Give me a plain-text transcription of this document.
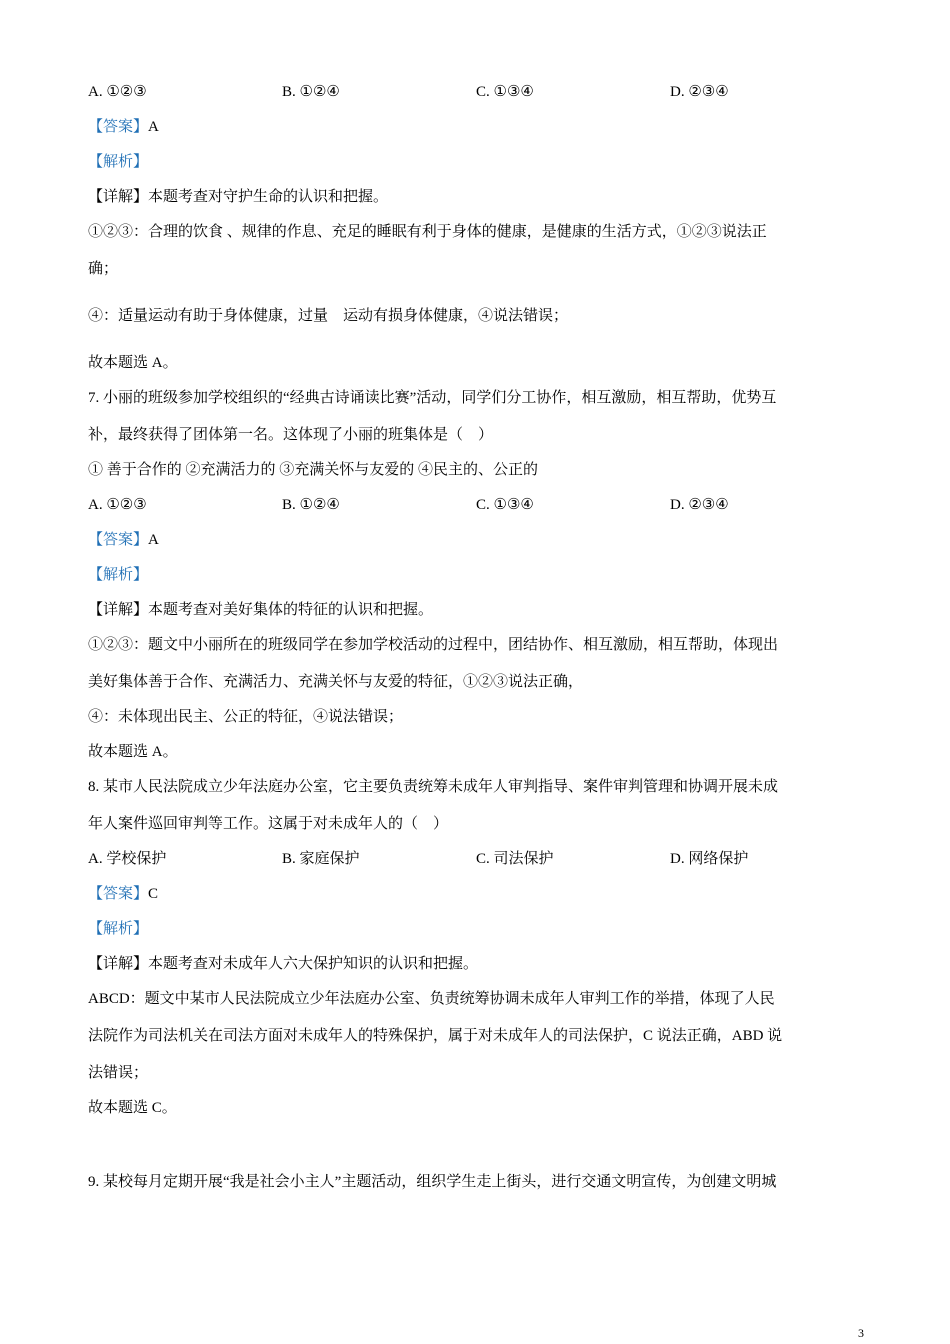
A. ①②③	B. ①②④	C. ①③④	D. ②③④
【答案】A
【解析】
【详解】本题考查对守护生命的认识和把握。
①②③：合理的饮食 、规律的作息、充足的睡眠有利于身体的健康，是健康的生活方式，①②③说法正
确；
④：适量运动有助于身体健康，过量　运动有损身体健康，④说法错误；
故本题选 A。
7. 小丽的班级参加学校组织的“经典古诗诵读比赛”活动，同学们分工协作，相互激励，相互帮助，优势互
补，最终获得了团体第一名。这体现了小丽的班集体是（　）
① 善于合作的 ②充满活力的 ③充满关怀与友爱的 ④民主的、公正的
A. ①②③	B. ①②④	C. ①③④	D. ②③④
【答案】A
【解析】
【详解】本题考查对美好集体的特征的认识和把握。
①②③：题文中小丽所在的班级同学在参加学校活动的过程中，团结协作、相互激励，相互帮助，体现出
美好集体善于合作、充满活力、充满关怀与友爱的特征，①②③说法正确，
④：未体现出民主、公正的特征，④说法错误；
故本题选 A。
8. 某市人民法院成立少年法庭办公室，它主要负责统筹未成年人审判指导、案件审判管理和协调开展未成
年人案件巡回审判等工作。这属于对未成年人的（　）
A. 学校保护	B. 家庭保护	C. 司法保护	D. 网络保护
【答案】C
【解析】
【详解】本题考查对未成年人六大保护知识的认识和把握。
ABCD：题文中某市人民法院成立少年法庭办公室、负责统筹协调未成年人审判工作的举措，体现了人民
法院作为司法机关在司法方面对未成年人的特殊保护，属于对未成年人的司法保护，C 说法正确，ABD 说
法错误；
故本题选 C。
9. 某校每月定期开展“我是社会小主人”主题活动，组织学生走上街头，进行交通文明宣传，为创建文明城
3
